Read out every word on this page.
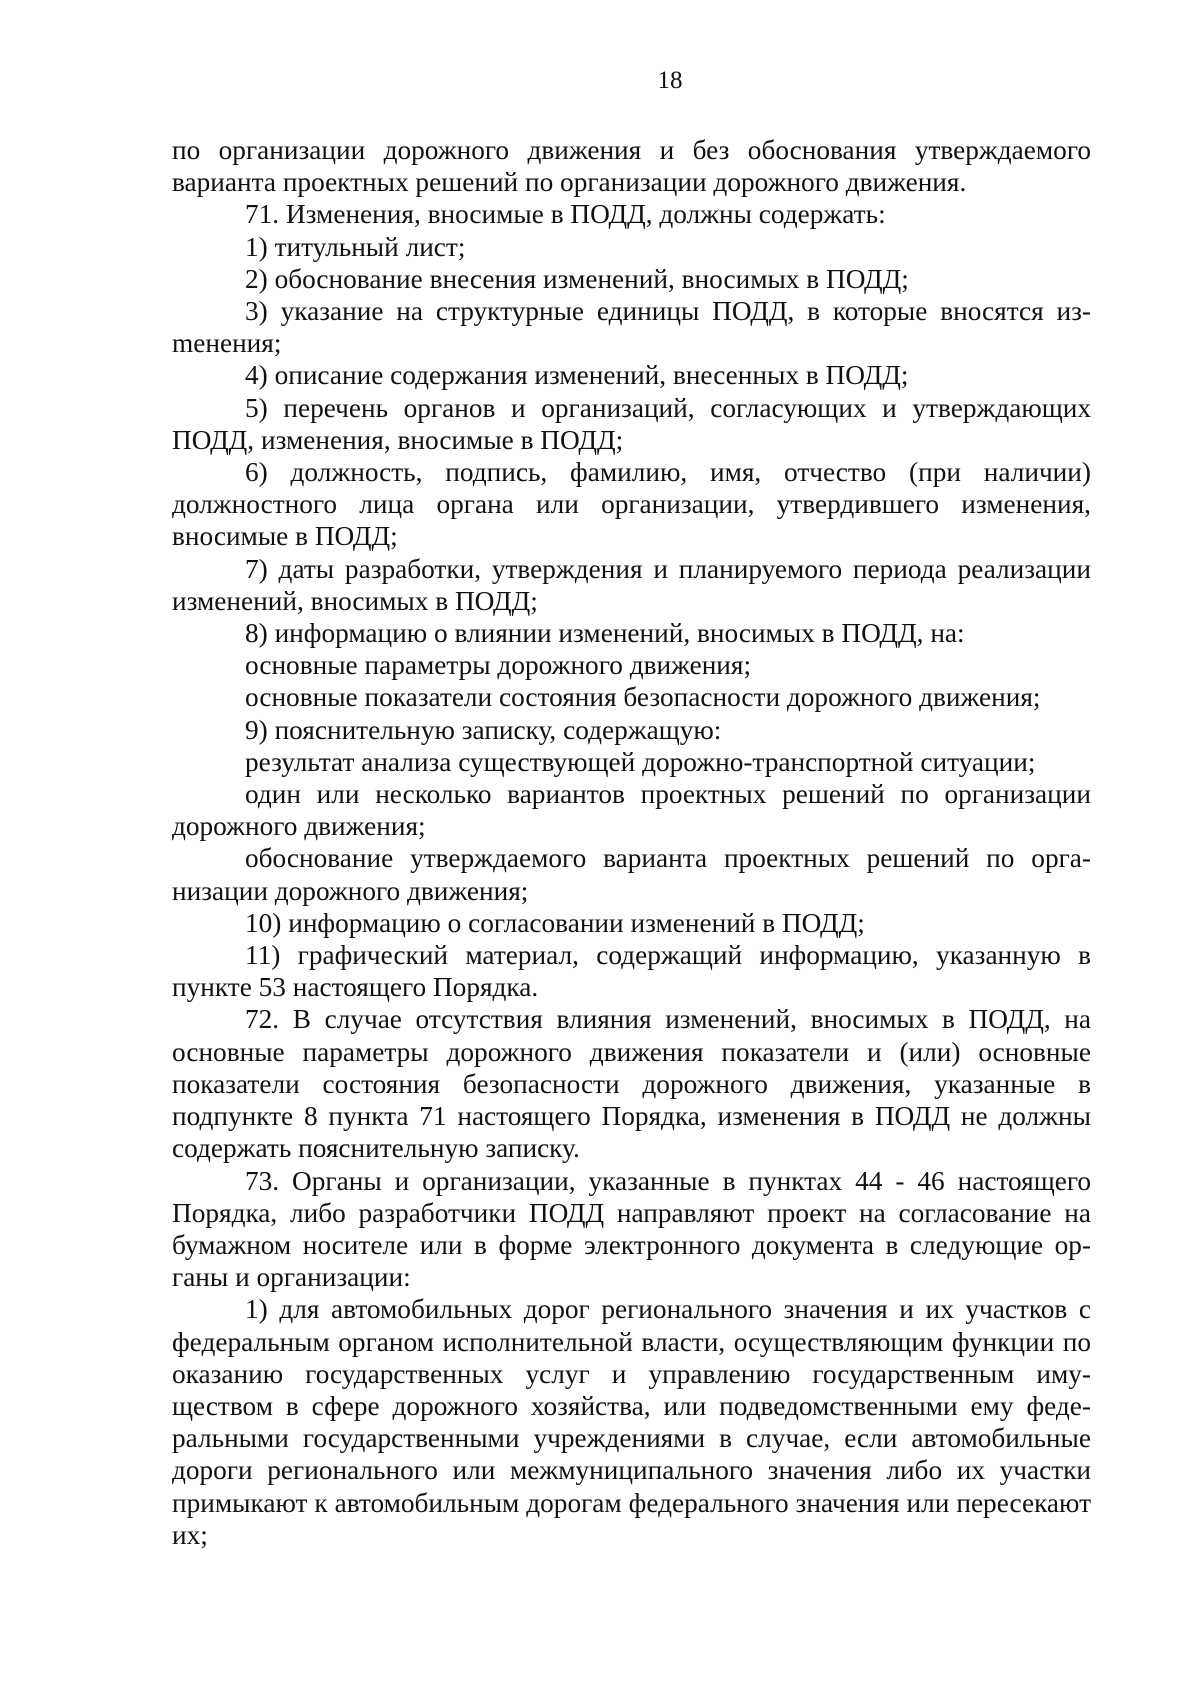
18

по организации дорожного движения и без обоснования утверждаемого варианта проектных решений по организации дорожного движения.

71. Изменения, вносимые в ПОДД, должны содержать:

1) титульный лист;

2) обоснование внесения изменений, вносимых в ПОДД;

3) указание на структурные единицы ПОДД, в которые вносятся изmенения;

4) описание содержания изменений, внесенных в ПОДД;

5) перечень органов и организаций, согласующих и утверждающих ПОДД, изменения, вносимые в ПОДД;

6) должность, подпись, фамилию, имя, отчество (при наличии) должностного лица органа или организации, утвердившего изменения, вносимые в ПОДД;

7) даты разработки, утверждения и планируемого периода реализации изменений, вносимых в ПОДД;

8) информацию о влиянии изменений, вносимых в ПОДД, на:

основные параметры дорожного движения;

основные показатели состояния безопасности дорожного движения;

9) пояснительную записку, содержащую:

результат анализа существующей дорожно-транспортной ситуации;

один или несколько вариантов проектных решений по организации дорожного движения;

обоснование утверждаемого варианта проектных решений по организации дорожного движения;

10) информацию о согласовании изменений в ПОДД;

11) графический материал, содержащий информацию, указанную в пункте 53 настоящего Порядка.

72. В случае отсутствия влияния изменений, вносимых в ПОДД, на основные параметры дорожного движения показатели и (или) основные показатели состояния безопасности дорожного движения, указанные в подпункте 8 пункта 71 настоящего Порядка, изменения в ПОДД не должны содержать пояснительную записку.

73. Органы и организации, указанные в пунктах 44 - 46 настоящего Порядка, либо разработчики ПОДД направляют проект на согласование на бумажном носителе или в форме электронного документа в следующие органы и организации:

1) для автомобильных дорог регионального значения и их участков с федеральным органом исполнительной власти, осуществляющим функции по оказанию государственных услуг и управлению государственным имуществом в сфере дорожного хозяйства, или подведомственными ему федеральными государственными учреждениями в случае, если автомобильные дороги регионального или межмуниципального значения либо их участки примыкают к автомобильным дорогам федерального значения или пересекают их;
